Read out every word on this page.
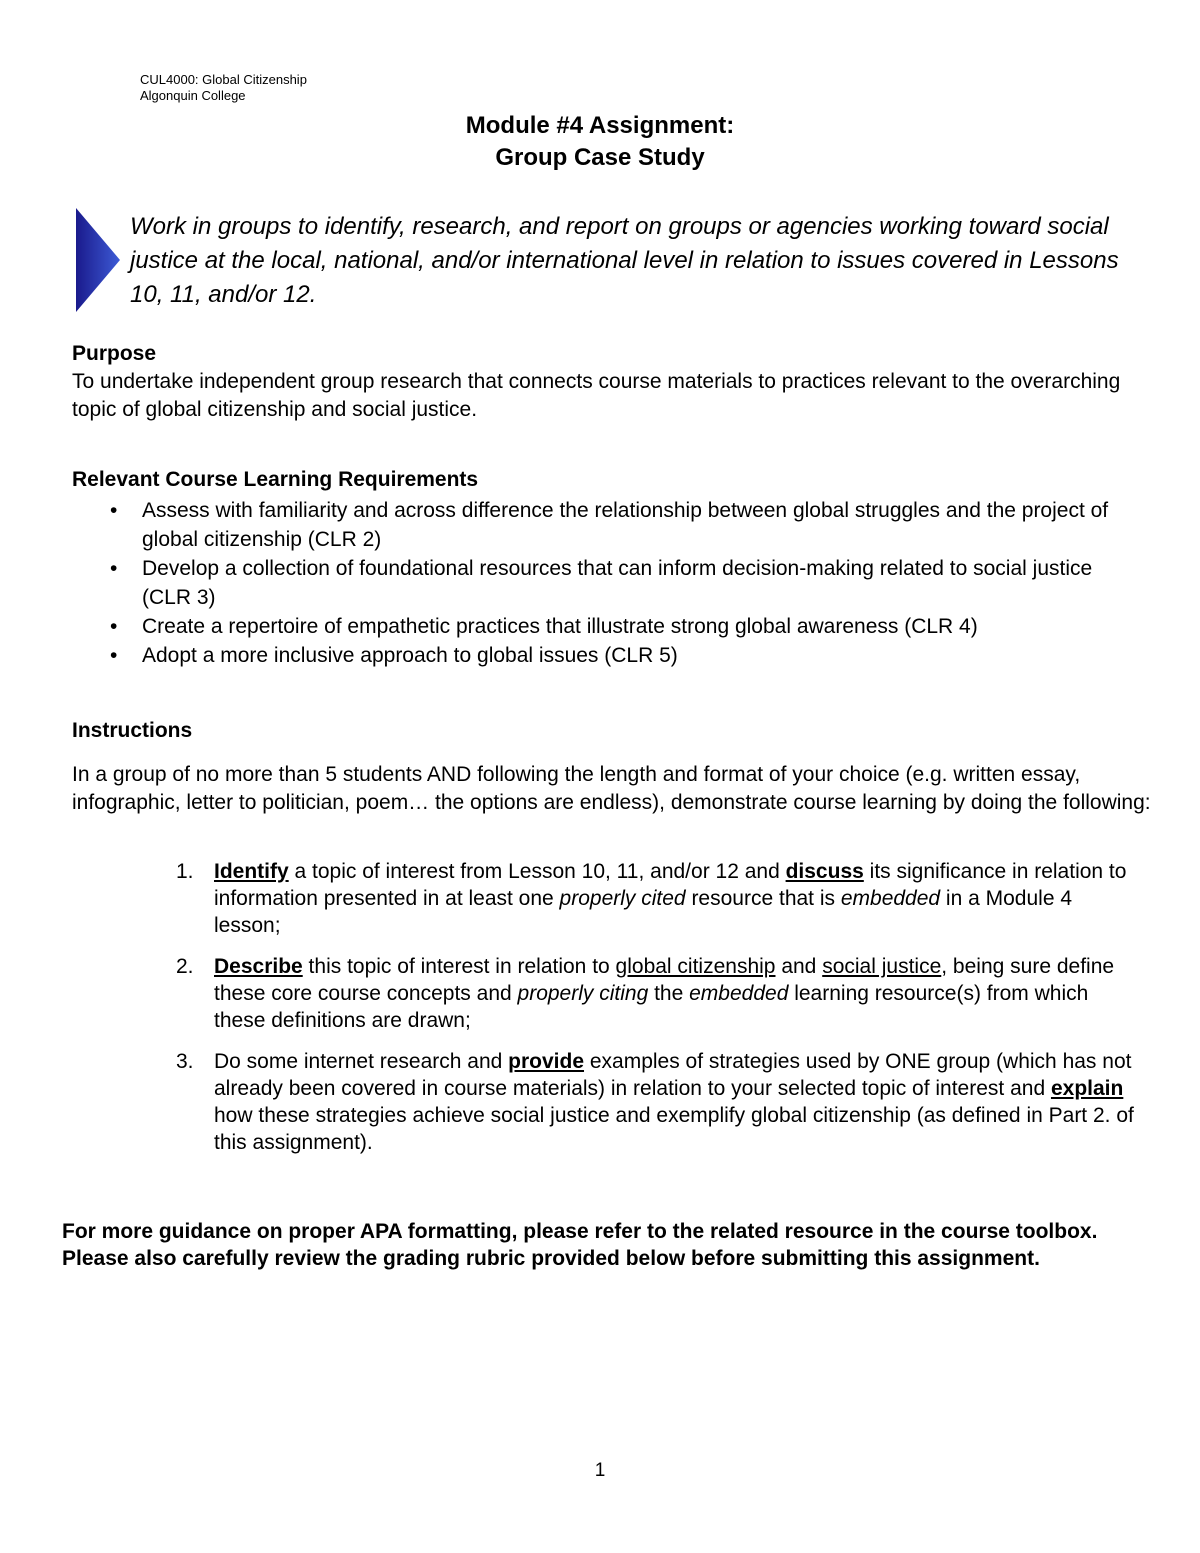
CUL4000: Global Citizenship
Algonquin College
Module #4 Assignment:
Group Case Study
Work in groups to identify, research, and report on groups or agencies working toward social justice at the local, national, and/or international level in relation to issues covered in Lessons 10, 11, and/or 12.
Purpose
To undertake independent group research that connects course materials to practices relevant to the overarching topic of global citizenship and social justice.
Relevant Course Learning Requirements
• Assess with familiarity and across difference the relationship between global struggles and the project of global citizenship (CLR 2)
• Develop a collection of foundational resources that can inform decision-making related to social justice (CLR 3)
• Create a repertoire of empathetic practices that illustrate strong global awareness (CLR 4)
• Adopt a more inclusive approach to global issues (CLR 5)
Instructions
In a group of no more than 5 students AND following the length and format of your choice (e.g. written essay, infographic, letter to politician, poem… the options are endless), demonstrate course learning by doing the following:
1. Identify a topic of interest from Lesson 10, 11, and/or 12 and discuss its significance in relation to information presented in at least one properly cited resource that is embedded in a Module 4 lesson;
2. Describe this topic of interest in relation to global citizenship and social justice, being sure define these core course concepts and properly citing the embedded learning resource(s) from which these definitions are drawn;
3. Do some internet research and provide examples of strategies used by ONE group (which has not already been covered in course materials) in relation to your selected topic of interest and explain how these strategies achieve social justice and exemplify global citizenship (as defined in Part 2. of this assignment).
For more guidance on proper APA formatting, please refer to the related resource in the course toolbox. Please also carefully review the grading rubric provided below before submitting this assignment.
1
